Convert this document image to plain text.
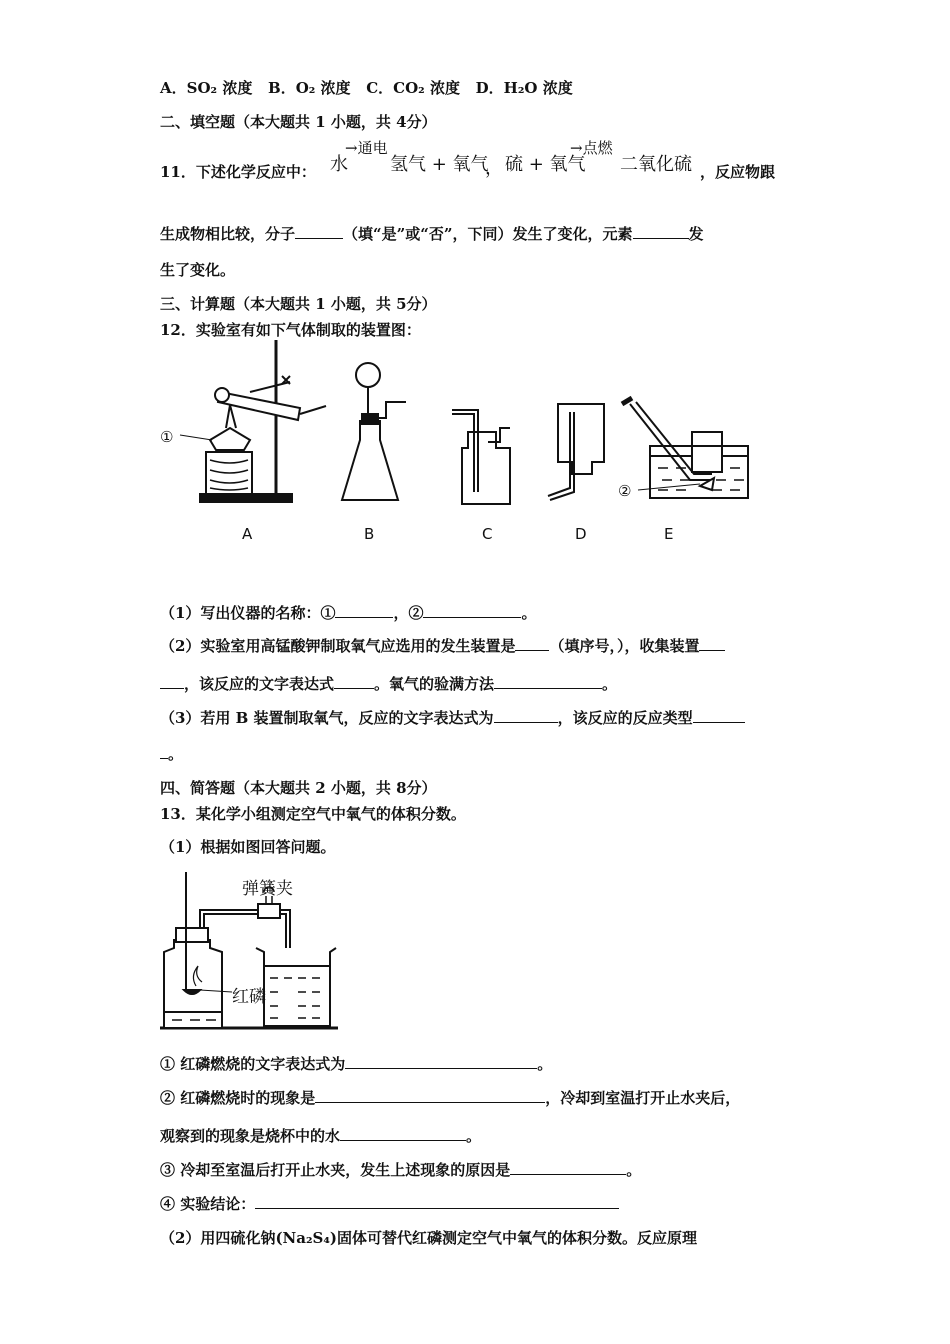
A．SO₂ 浓度 B．O₂ 浓度 C．CO₂ 浓度 D．H₂O 浓度
二、填空题（本大题共 1 小题，共 4分）
11．下述化学反应中： 水
→通电
氢气 + 氧气
， 硫 + 氧气
→点燃
二氧化硫 ，反应物跟
生成物相比较，分子	（填“是”或“否”，下同）发生了变化，元素	发
生了变化。
三、计算题（本大题共 1 小题，共 5分）
12．实验室有如下气体制取的装置图：
①
②
A	B	C	D	E
（1）写出仪器的名称：①	，②	。
（2）实验室用高锰酸钾制取氧气应选用的发生装置是 （填序号，），收集装置
，该反应的文字表达式	。氧气的验满方法	。
（3）若用 B 装置制取氧气，反应的文字表达式为	，该反应的反应类型
。
四、简答题（本大题共 2 小题，共 8分）
13．某化学小组测定空气中氧气的体积分数。
（1）根据如图回答问题。
弹簧夹
红磷
① 红磷燃烧的文字表达式为	。
② 红磷燃烧时的现象是	，冷却到室温打开止水夹后，
观察到的现象是烧杯中的水	。
③ 冷却至室温后打开止水夹，发生上述现象的原因是	。
④ 实验结论：
（2）用四硫化钠(Na₂S₄)固体可替代红磷测定空气中氧气的体积分数。反应原理
